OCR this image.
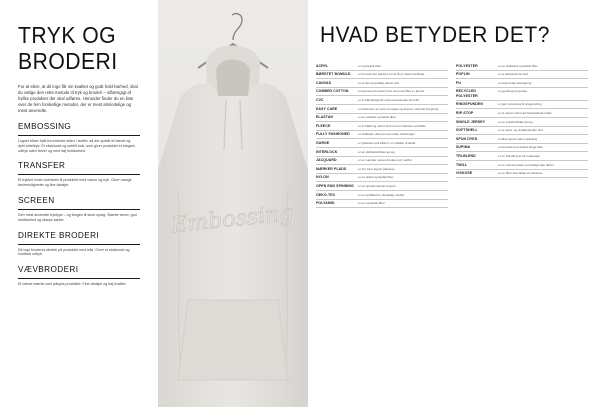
TRYK OG
BRODERI

For at sikre, at dit logo får sin kvalitet og godt hold-barhed, skal du vælge den rette metode til tryk og broderi – afhængigt af hvilke produkter der skal udføres. Herunder finder du en liste over de fem forskellige metoder, der er mest almindelige og mest anvendte.

EMBOSSING

Logoet bliver trykt fra inderste siden i stoffet, så der opstår et hævet og dybt relieftryk. Et eksklusivt og subtilt look, som giver produktet et elegant udtryk uden farver og med høj holdbarhed.

TRANSFER

Et trykket motiv overføres til produktet med varme og tryk. Giver mange farvemuligheder og fine detaljer.

SCREEN

Den mest anvendte tryktype – og bruges til store oplag. Stærke farver, god holdbarhed og skarpe kanter.

DIREKTE BRODERI

Dit logo broderes direkte på produktet med tråd. Giver et eksklusivt og holdbart udtryk.

VÆVBRODERI

Et vævet mærke som påsyes produktet. Fine detaljer og høj kvalitet.

Embossing
HVAD BETYDER DET?
ACRYL	en syntetisk fiber
BØRSTET BOMULD	er bomuld der børstes for at få en blød overflade
CANVAS	er et tæt og kraftigt vævet stof
COMBED COTTON	er kæmmet bomuld, hvor de korte fibre er fjernet
CVC	er et blandingsstof med overvejende bomuld
EASY CARE	er tekstil der er nemt at vaske og kræver minimal strygning
ELASTAN	er en elastisk syntetisk fiber
FLEECE	er et blødt og varmt stof med en børstet overflade
FULLY FASHIONED	er strikkede dele formet under strikningen
GARGE	er tykkelsen på tråden i et strikket produkt
INTERLOCK	er en dobbeltstrikket jersey
JACQUARD	er et mønster vævet direkte ind i stoffet
MÆRKER PLADS	er der hvor logoet placeres
NYLON	er en stærk syntetisk fiber
OPEN END SPINNING er en spindemetode til garn
OEKO-TEX	er et certifikat for skadelige stoffer
POLYAMID	er en syntetisk fiber
POLYESTER	er en slidstærk syntetisk fiber
POPLIN	er et tætvævet let stof
PU	er polyuretan belægning
RECYCLED POLYESTER
er genbrugt polyester
RINGSPUNDEN	er garn spundet på ringspinding
RIP-STOP	er et vævet stof med forstærkede tråde
SINGLE JERSEY	er en enkeltstrikket jersey
SOFTSHELL	er et vand- og vindafvisende stof
SPUN DYED	er fibre farvet inden spinding
SUPIMA	er bomuld med ekstra lange fibre
TRI-BLEND	er en blanding af tre materialer
TWILL	er en vævemetode med diagonale ribber
VISKOSE	er en fiber fremstillet af cellulose
